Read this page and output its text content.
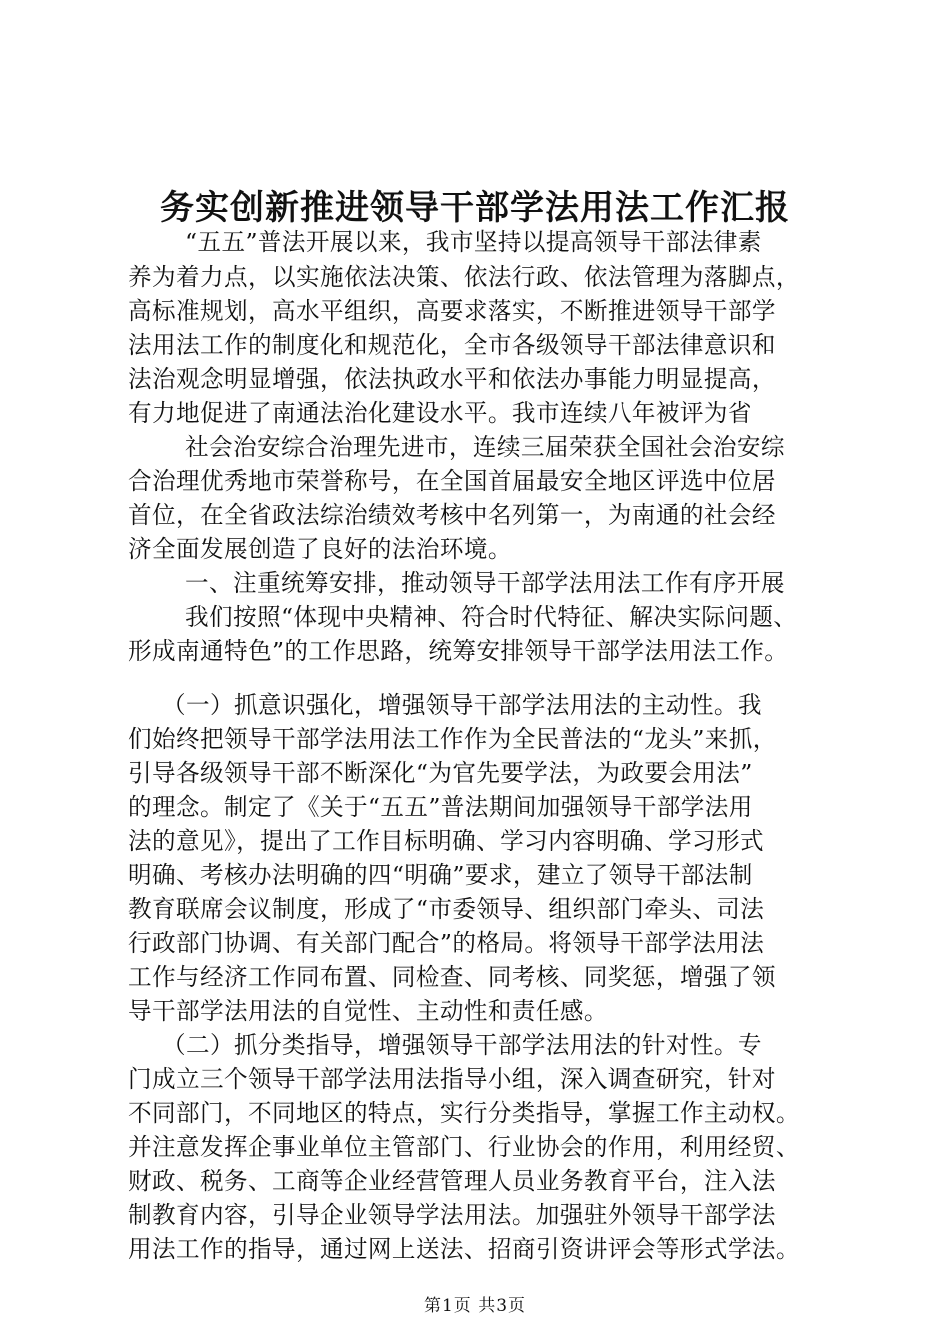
务实创新推进领导干部学法用法工作汇报
“五五”普法开展以来，我市坚持以提高领导干部法律素
养为着力点，以实施依法决策、依法行政、依法管理为落脚点，
高标准规划，高水平组织，高要求落实，不断推进领导干部学
法用法工作的制度化和规范化，全市各级领导干部法律意识和
法治观念明显增强，依法执政水平和依法办事能力明显提高，
有力地促进了南通法治化建设水平。我市连续八年被评为省
社会治安综合治理先进市，连续三届荣获全国社会治安综
合治理优秀地市荣誉称号，在全国首届最安全地区评选中位居
首位，在全省政法综治绩效考核中名列第一，为南通的社会经
济全面发展创造了良好的法治环境。
一、注重统筹安排，推动领导干部学法用法工作有序开展
我们按照“体现中央精神、符合时代特征、解决实际问题、
形成南通特色”的工作思路，统筹安排领导干部学法用法工作。
（一）抓意识强化，增强领导干部学法用法的主动性。我
们始终把领导干部学法用法工作作为全民普法的“龙头”来抓，
引导各级领导干部不断深化“为官先要学法，为政要会用法”
的理念。制定了《关于“五五”普法期间加强领导干部学法用
法的意见》，提出了工作目标明确、学习内容明确、学习形式
明确、考核办法明确的四“明确”要求，建立了领导干部法制
教育联席会议制度，形成了“市委领导、组织部门牵头、司法
行政部门协调、有关部门配合”的格局。将领导干部学法用法
工作与经济工作同布置、同检查、同考核、同奖惩，增强了领
导干部学法用法的自觉性、主动性和责任感。
（二）抓分类指导，增强领导干部学法用法的针对性。专
门成立三个领导干部学法用法指导小组，深入调查研究，针对
不同部门，不同地区的特点，实行分类指导，掌握工作主动权。
并注意发挥企事业单位主管部门、行业协会的作用，利用经贸、
财政、税务、工商等企业经营管理人员业务教育平台，注入法
制教育内容，引导企业领导学法用法。加强驻外领导干部学法
用法工作的指导，通过网上送法、招商引资讲评会等形式学法。
第1页 共3页
